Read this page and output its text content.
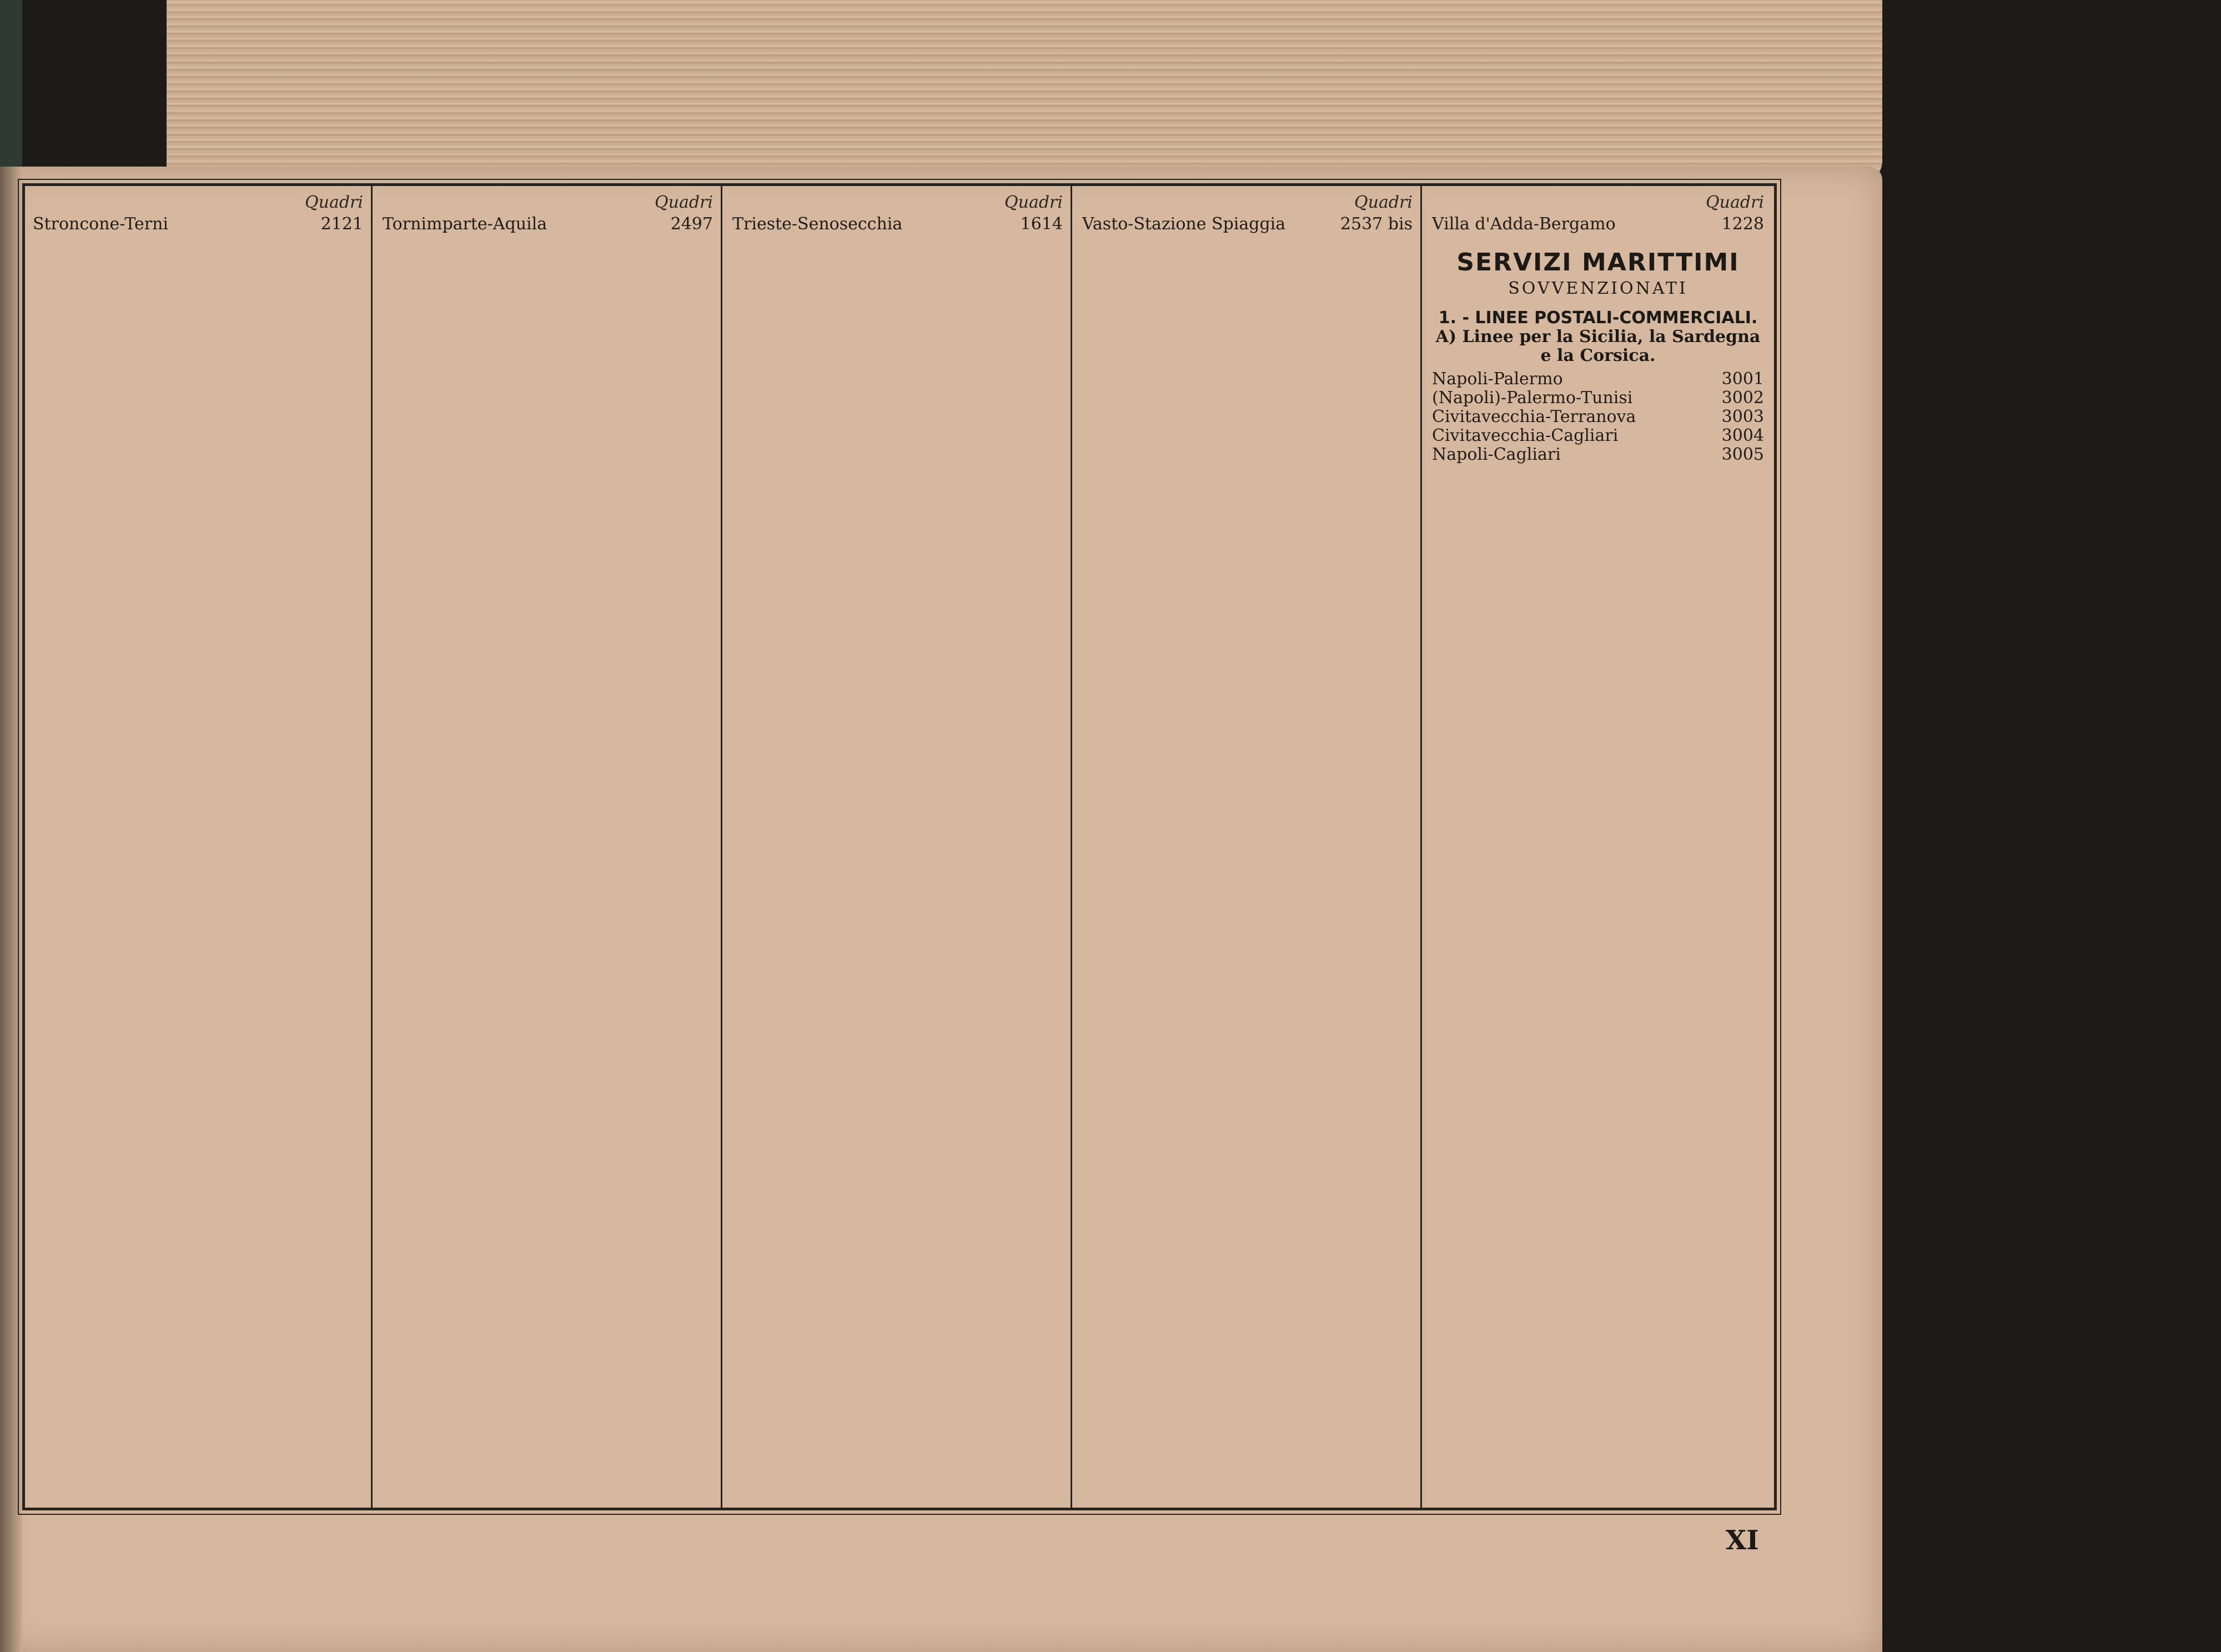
Quadri
Stroncone-Terni	2121
Quadri
Tornimparte-Aquila	2497
Quadri
Trieste-Senosecchia	1614
Quadri
Vasto-Stazione Spiaggia	2537 bis
Quadri
Villa d'Adda-Bergamo	1228
SERVIZI MARITTIMI
SOVVENZIONATI
1. - LINEE POSTALI-COMMERCIALI.
A) Linee per la Sicilia, la Sardegna e la Corsica.
Napoli-Palermo	3001
(Napoli)-Palermo-Tunisi	3002
Civitavecchia-Terranova	3003
Civitavecchia-Cagliari	3004
Napoli-Cagliari	3005
XI
